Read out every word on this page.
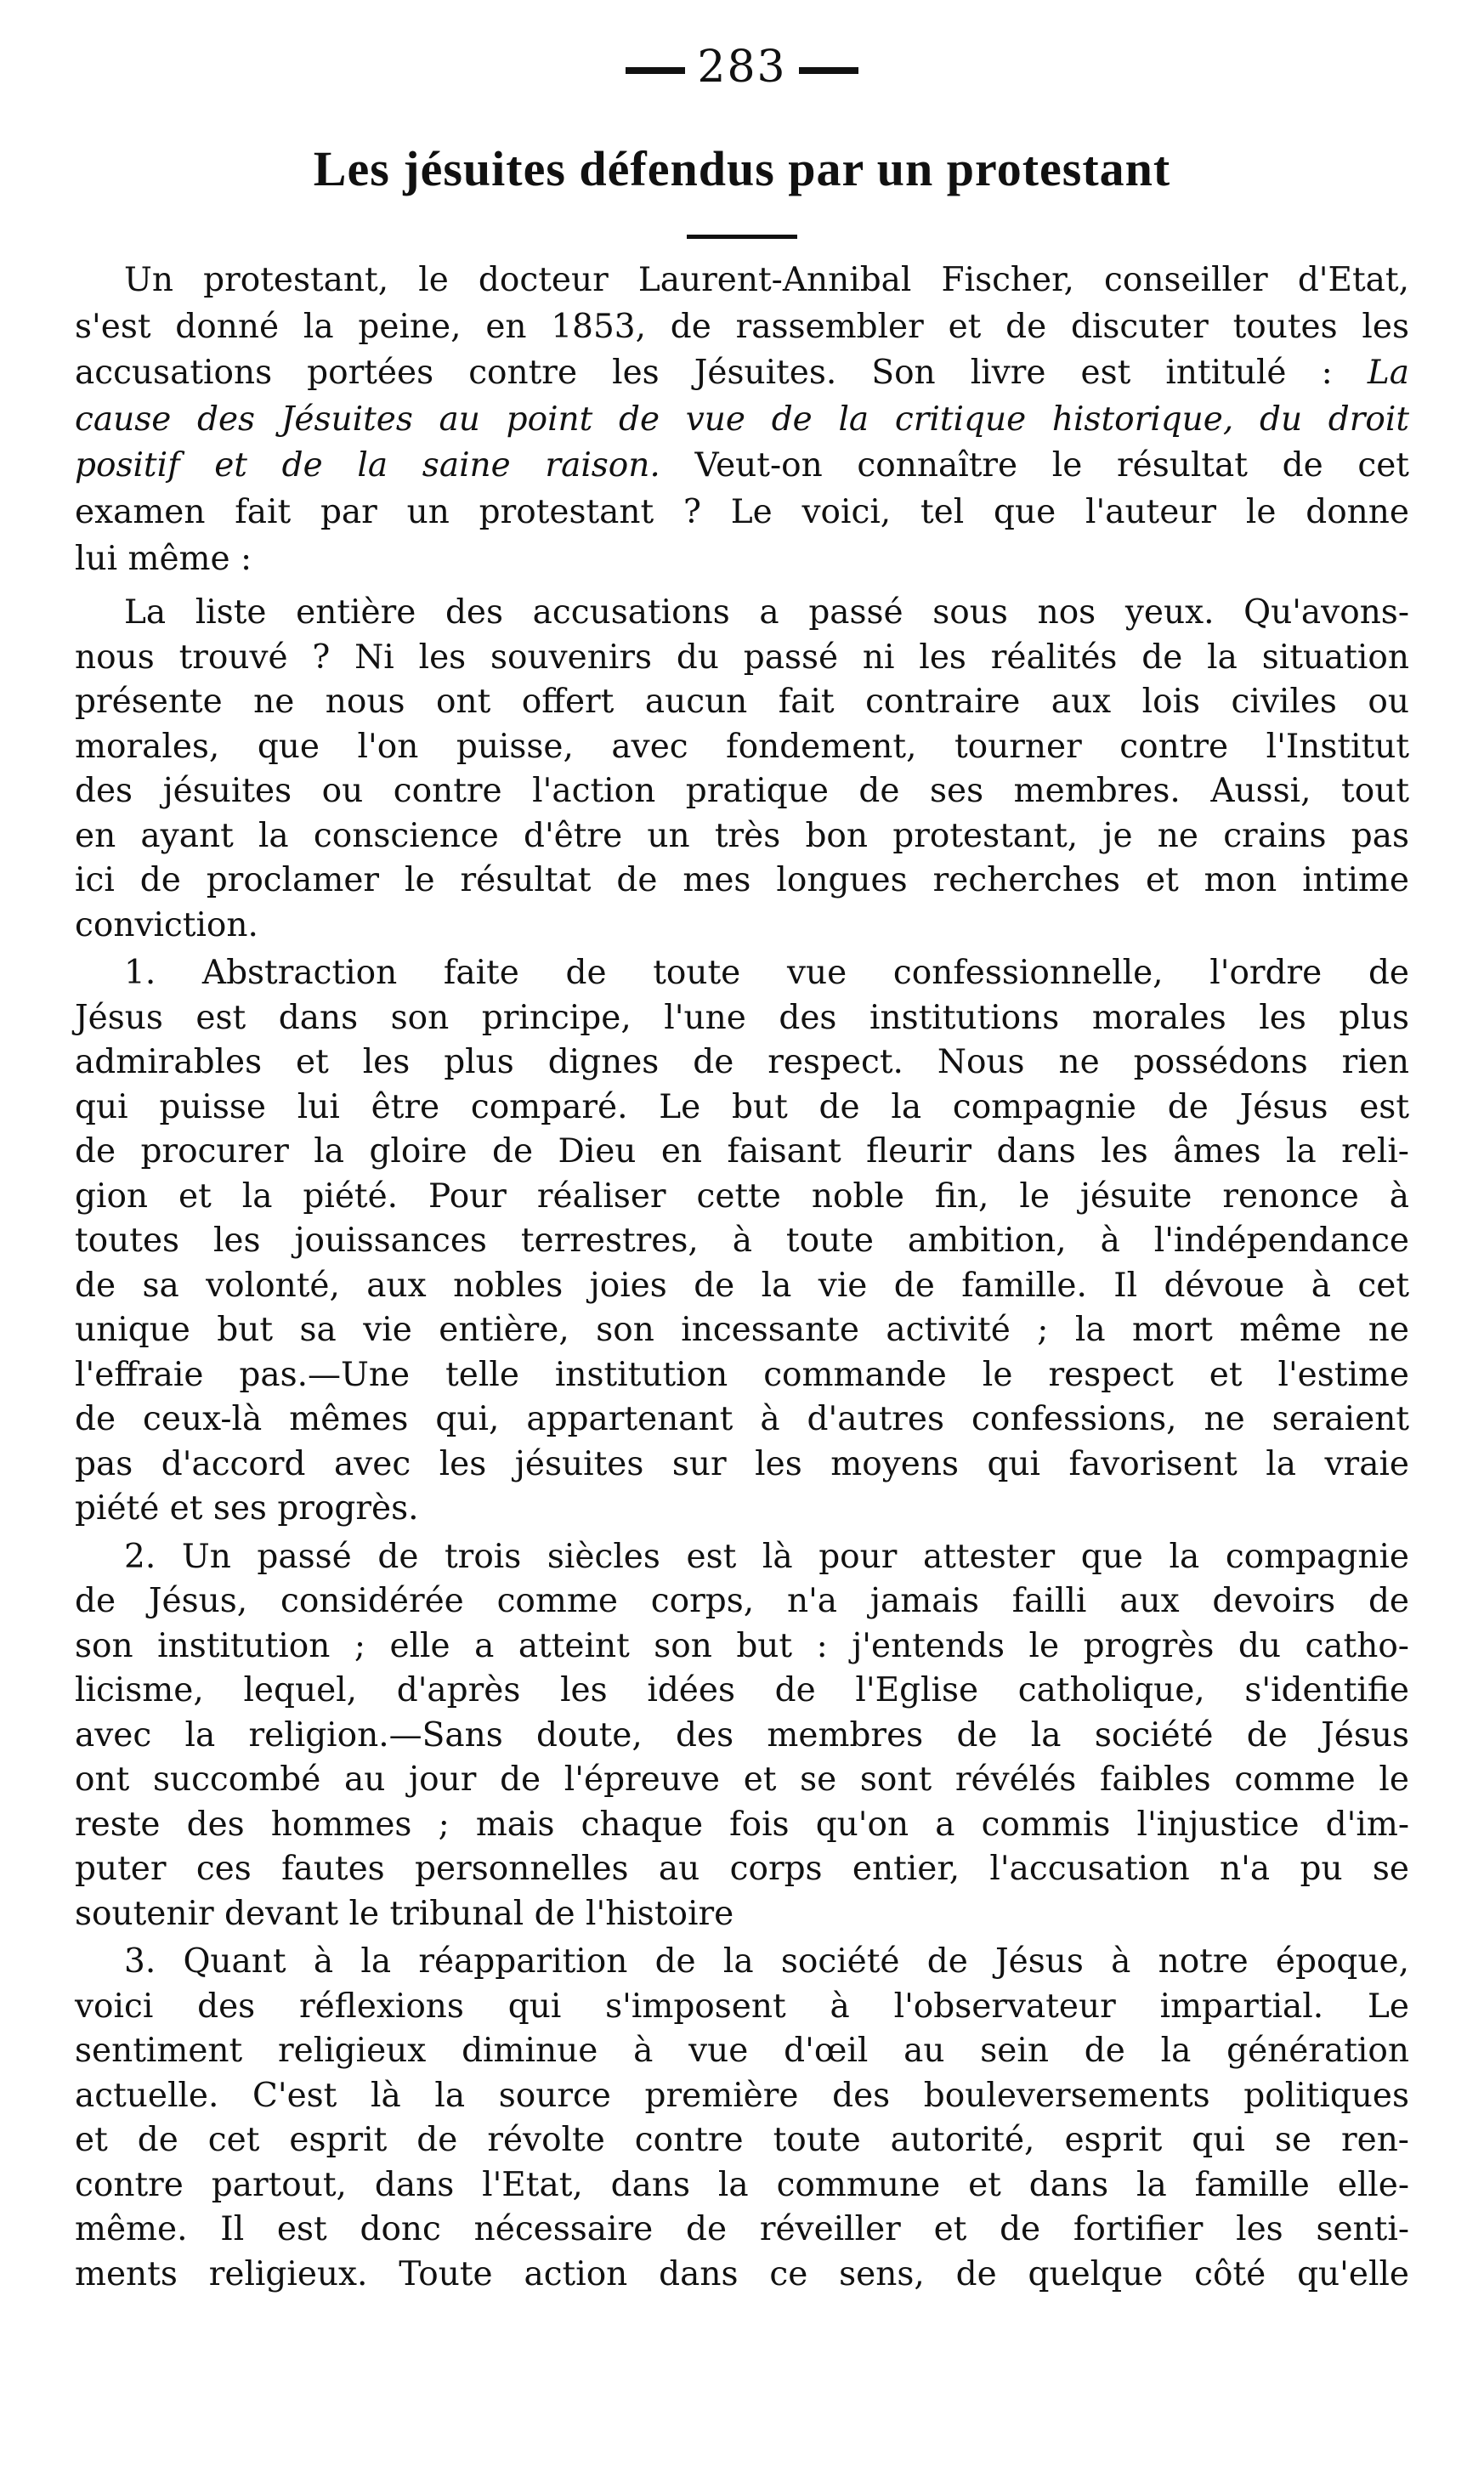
283
Les jésuites défendus par un protestant
Un protestant, le docteur Laurent-Annibal Fischer, conseiller d'Etat,
s'est donné la peine, en 1853, de rassembler et de discuter toutes les
accusations portées contre les Jésuites. Son livre est intitulé : La
cause des Jésuites au point de vue de la critique historique, du droit
positif et de la saine raison. Veut-on connaître le résultat de cet
examen fait par un protestant ? Le voici, tel que l'auteur le donne
lui même :
La liste entière des accusations a passé sous nos yeux. Qu'avons-
nous trouvé ? Ni les souvenirs du passé ni les réalités de la situation
présente ne nous ont offert aucun fait contraire aux lois civiles ou
morales, que l'on puisse, avec fondement, tourner contre l'Institut
des jésuites ou contre l'action pratique de ses membres. Aussi, tout
en ayant la conscience d'être un très bon protestant, je ne crains pas
ici de proclamer le résultat de mes longues recherches et mon intime
conviction.
1. Abstraction faite de toute vue confessionnelle, l'ordre de
Jésus est dans son principe, l'une des institutions morales les plus
admirables et les plus dignes de respect. Nous ne possédons rien
qui puisse lui être comparé. Le but de la compagnie de Jésus est
de procurer la gloire de Dieu en faisant fleurir dans les âmes la reli-
gion et la piété. Pour réaliser cette noble fin, le jésuite renonce à
toutes les jouissances terrestres, à toute ambition, à l'indépendance
de sa volonté, aux nobles joies de la vie de famille. Il dévoue à cet
unique but sa vie entière, son incessante activité ; la mort même ne
l'effraie pas.—Une telle institution commande le respect et l'estime
de ceux-là mêmes qui, appartenant à d'autres confessions, ne seraient
pas d'accord avec les jésuites sur les moyens qui favorisent la vraie
piété et ses progrès.
2. Un passé de trois siècles est là pour attester que la compagnie
de Jésus, considérée comme corps, n'a jamais failli aux devoirs de
son institution ; elle a atteint son but : j'entends le progrès du catho-
licisme, lequel, d'après les idées de l'Eglise catholique, s'identifie
avec la religion.—Sans doute, des membres de la société de Jésus
ont succombé au jour de l'épreuve et se sont révélés faibles comme le
reste des hommes ; mais chaque fois qu'on a commis l'injustice d'im-
puter ces fautes personnelles au corps entier, l'accusation n'a pu se
soutenir devant le tribunal de l'histoire
3. Quant à la réapparition de la société de Jésus à notre époque,
voici des réflexions qui s'imposent à l'observateur impartial. Le
sentiment religieux diminue à vue d'œil au sein de la génération
actuelle. C'est là la source première des bouleversements politiques
et de cet esprit de révolte contre toute autorité, esprit qui se ren-
contre partout, dans l'Etat, dans la commune et dans la famille elle-
même. Il est donc nécessaire de réveiller et de fortifier les senti-
ments religieux. Toute action dans ce sens, de quelque côté qu'elle
